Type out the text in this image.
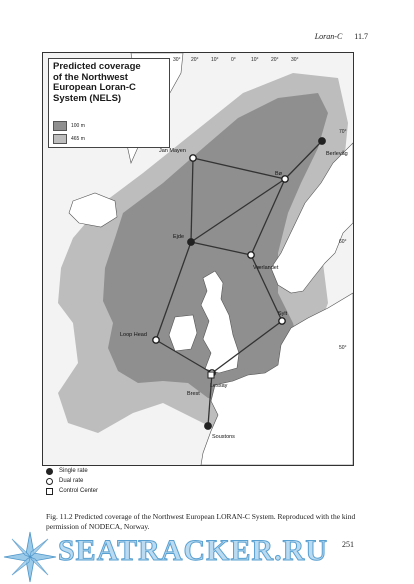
Loran-C 11.7
30° 20° 10° 0°	10° 20° 30°
70°
60°
50°
Jan Mayen	Berlevåg
Bø
Ejde
Værlandet
Sylt
Loop Head
Lessay
Brest
Soustons

Predicted coverage
of the Northwest
European Loran-C
System (NELS)

100 m
465 m
Single rate
Dual rate
Control Center
Fig. 11.2 Predicted coverage of the Northwest European LORAN-C System. Reproduced with the kind permission of NODECA, Norway.
SEATRACKER.RU 251
